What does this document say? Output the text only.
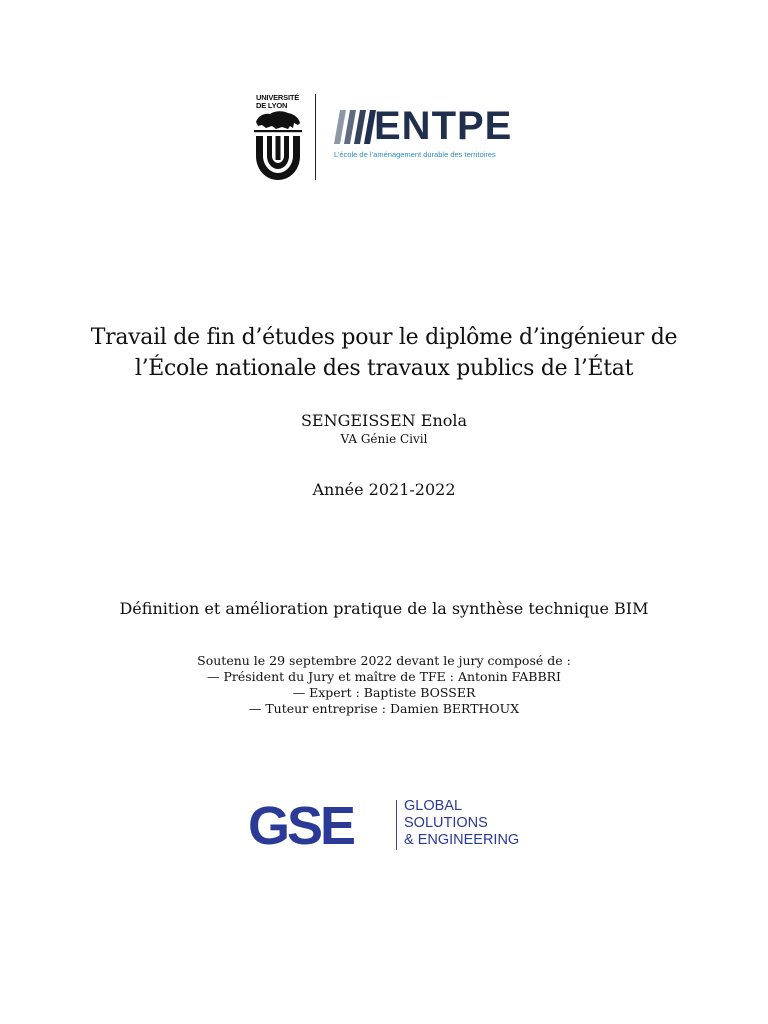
UNIVERSITÉ
DE LYON ENTPE
L’école de l’aménagement durable des territoires
Travail de fin d’études pour le diplôme d’ingénieur de
l’École nationale des travaux publics de l’État
SENGEISSEN Enola
VA Génie Civil
Année 2021-2022
Définition et amélioration pratique de la synthèse technique BIM
Soutenu le 29 septembre 2022 devant le jury composé de :
— Président du Jury et maître de TFE : Antonin FABBRI
— Expert : Baptiste BOSSER
— Tuteur entreprise : Damien BERTHOUX
GSE	GLOBAL
SOLUTIONS
& ENGINEERING
